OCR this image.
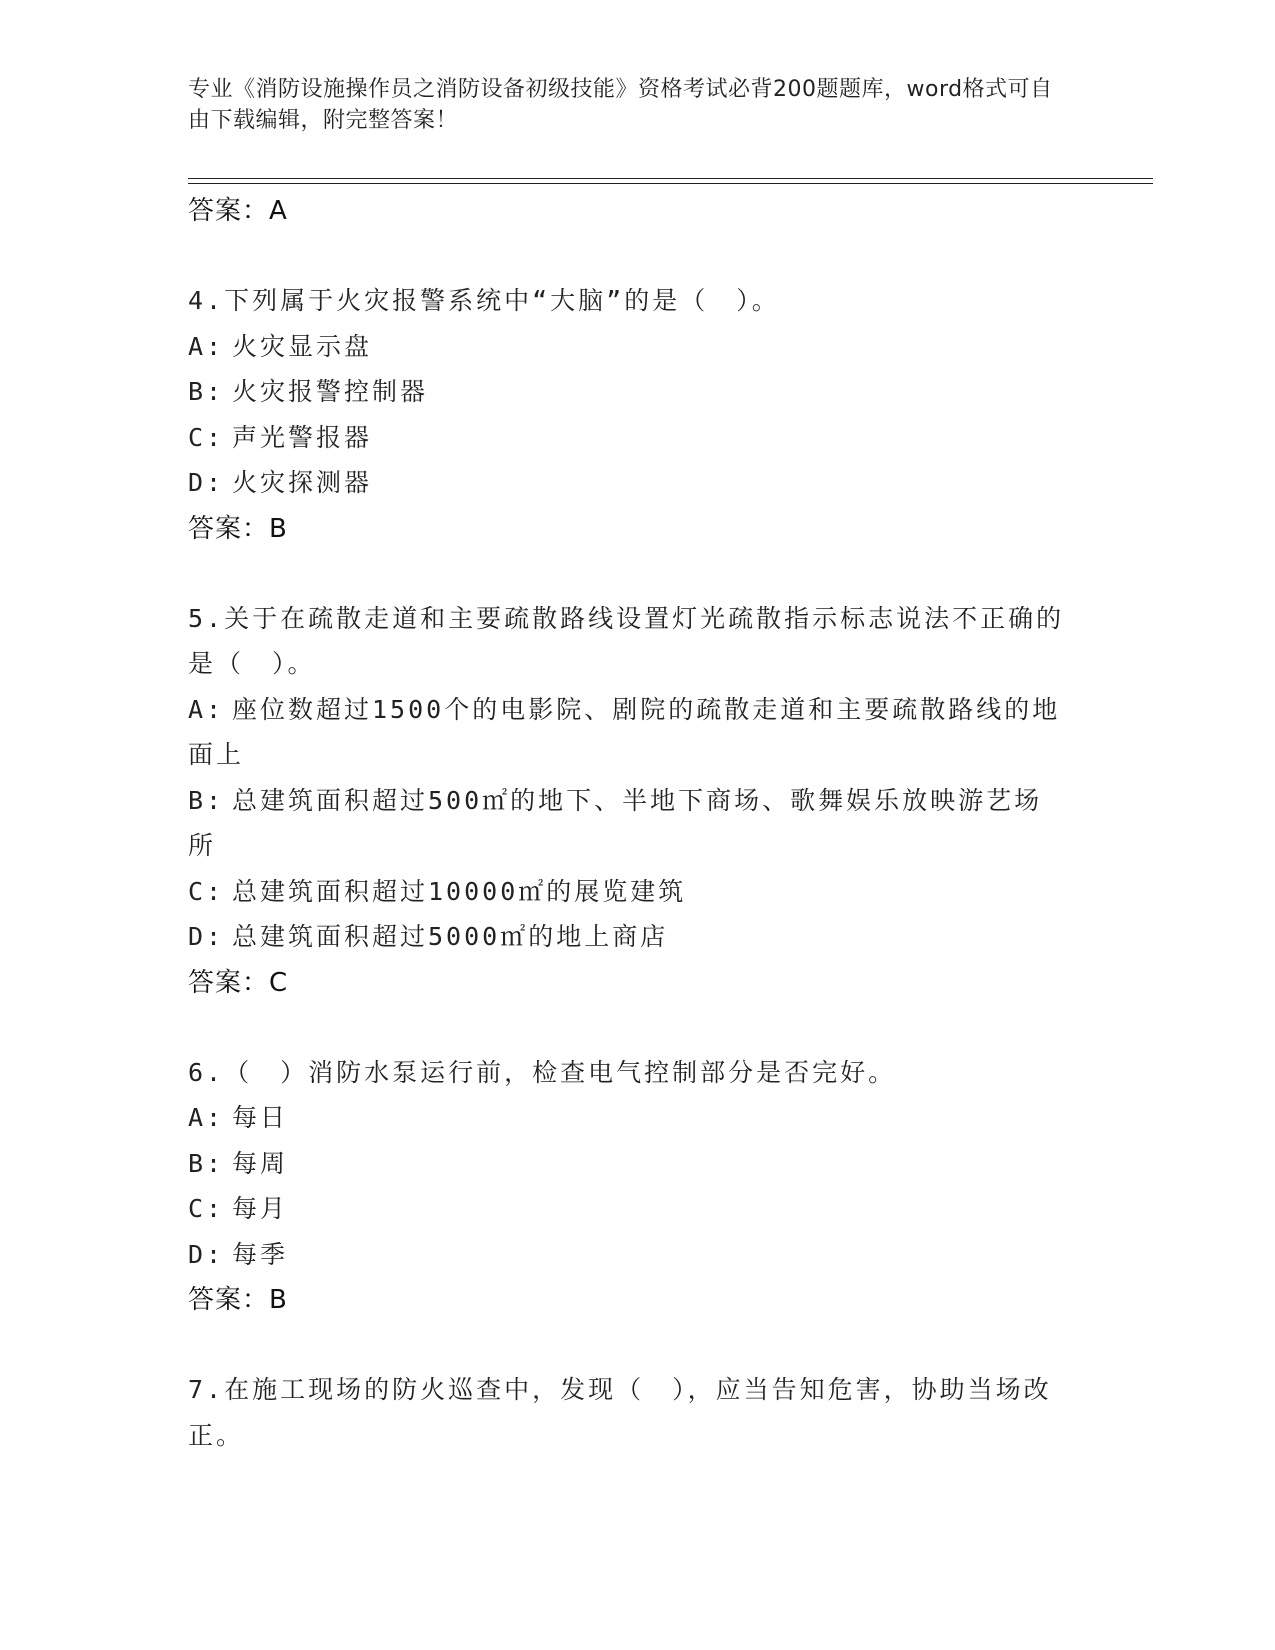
专业《消防设施操作员之消防设备初级技能》资格考试必背200题题库，word格式可自由下载编辑，附完整答案！

答案：A

4.下列属于火灾报警系统中“大脑”的是（　）。

A: 火灾显示盘

B: 火灾报警控制器

C: 声光警报器

D: 火灾探测器

答案：B

5.关于在疏散走道和主要疏散路线设置灯光疏散指示标志说法不正确的是（　）。

A: 座位数超过1500个的电影院、剧院的疏散走道和主要疏散路线的地面上

B: 总建筑面积超过500㎡的地下、半地下商场、歌舞娱乐放映游艺场所

C: 总建筑面积超过10000㎡的展览建筑

D: 总建筑面积超过5000㎡的地上商店

答案：C

6.（　）消防水泵运行前，检查电气控制部分是否完好。

A: 每日

B: 每周

C: 每月

D: 每季

答案：B

7.在施工现场的防火巡查中，发现（　），应当告知危害，协助当场改正。
